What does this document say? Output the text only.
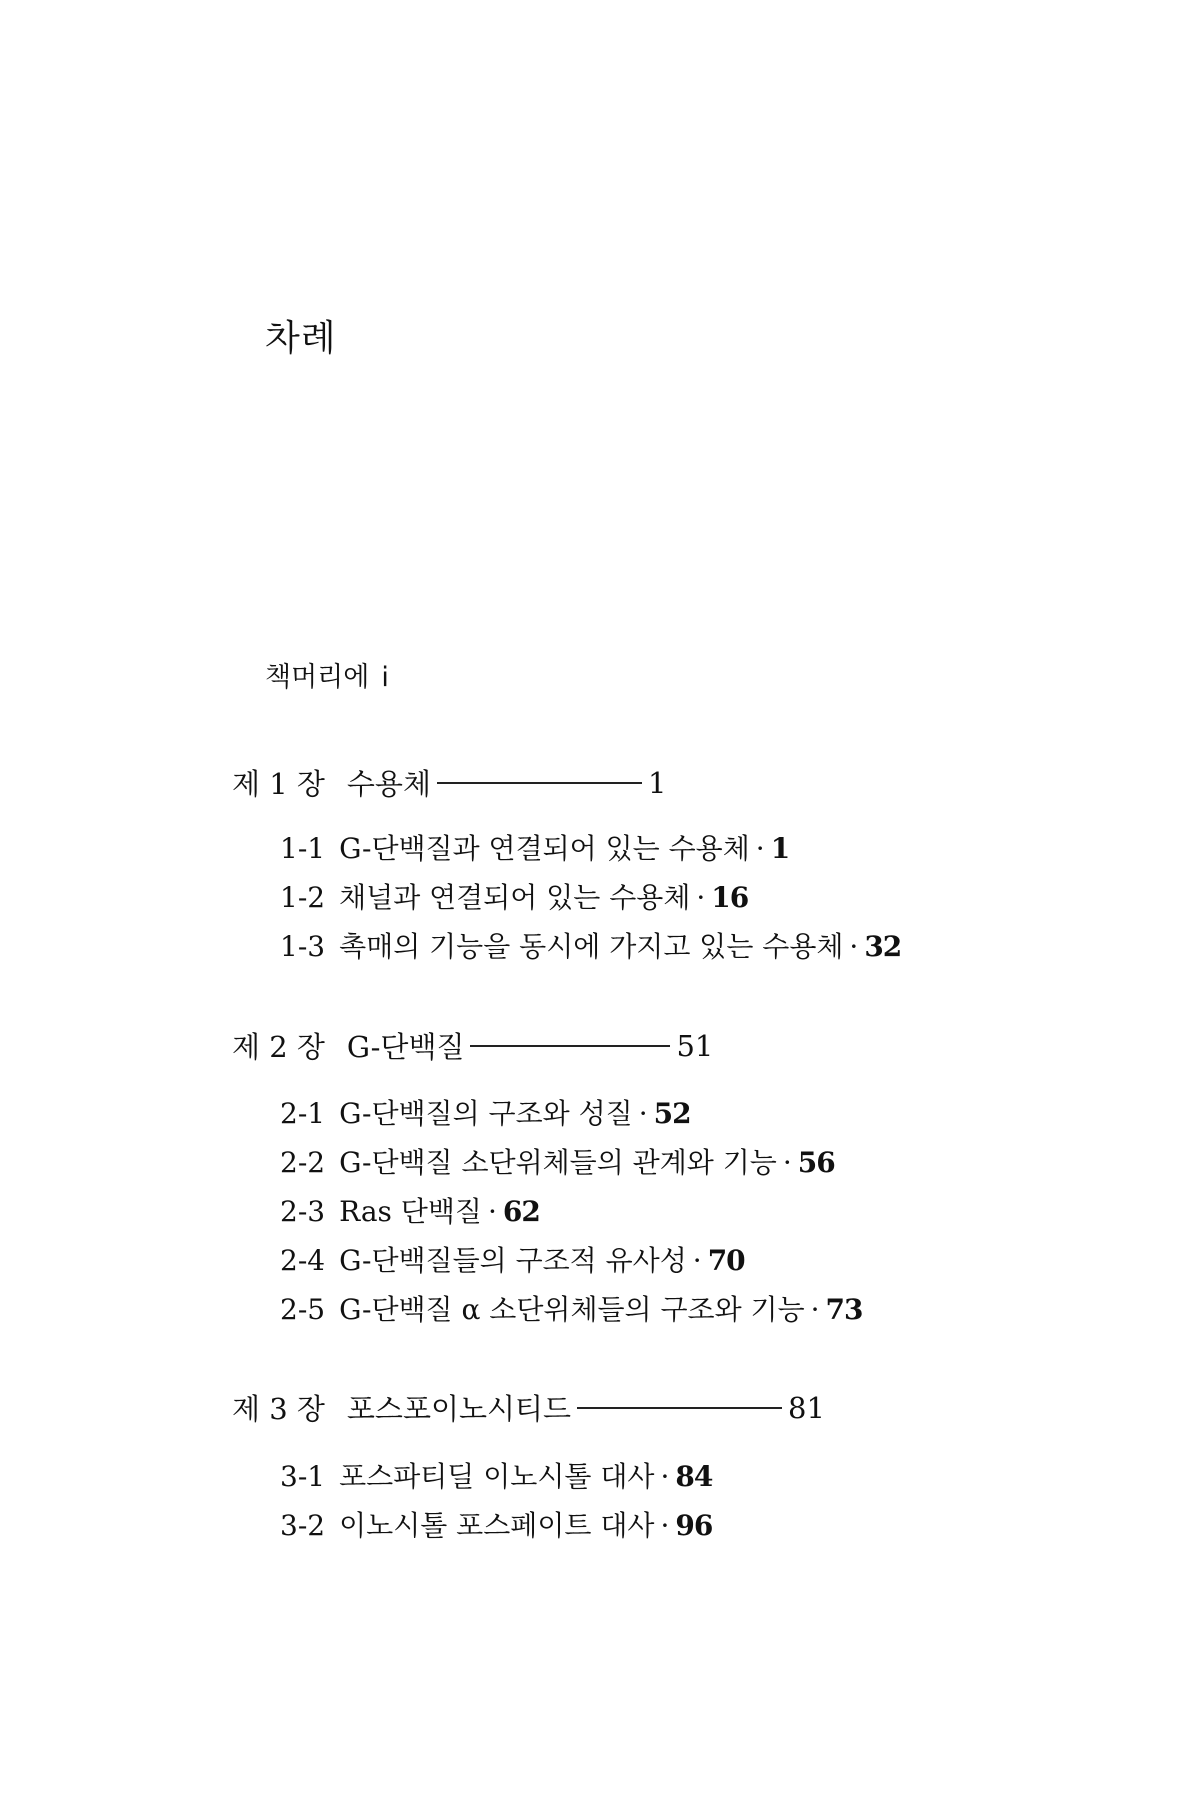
차례
책머리에 i
제 1 장 수용체	1
1-1 G-단백질과 연결되어 있는 수용체 · 1
1-2 채널과 연결되어 있는 수용체 · 16
1-3 촉매의 기능을 동시에 가지고 있는 수용체 · 32
제 2 장 G-단백질	51
2-1 G-단백질의 구조와 성질 · 52
2-2 G-단백질 소단위체들의 관계와 기능 · 56
2-3 Ras 단백질 · 62
2-4 G-단백질들의 구조적 유사성 · 70
2-5 G-단백질 α 소단위체들의 구조와 기능 · 73
제 3 장 포스포이노시티드	81
3-1 포스파티딜 이노시톨 대사 · 84
3-2 이노시톨 포스페이트 대사 · 96
